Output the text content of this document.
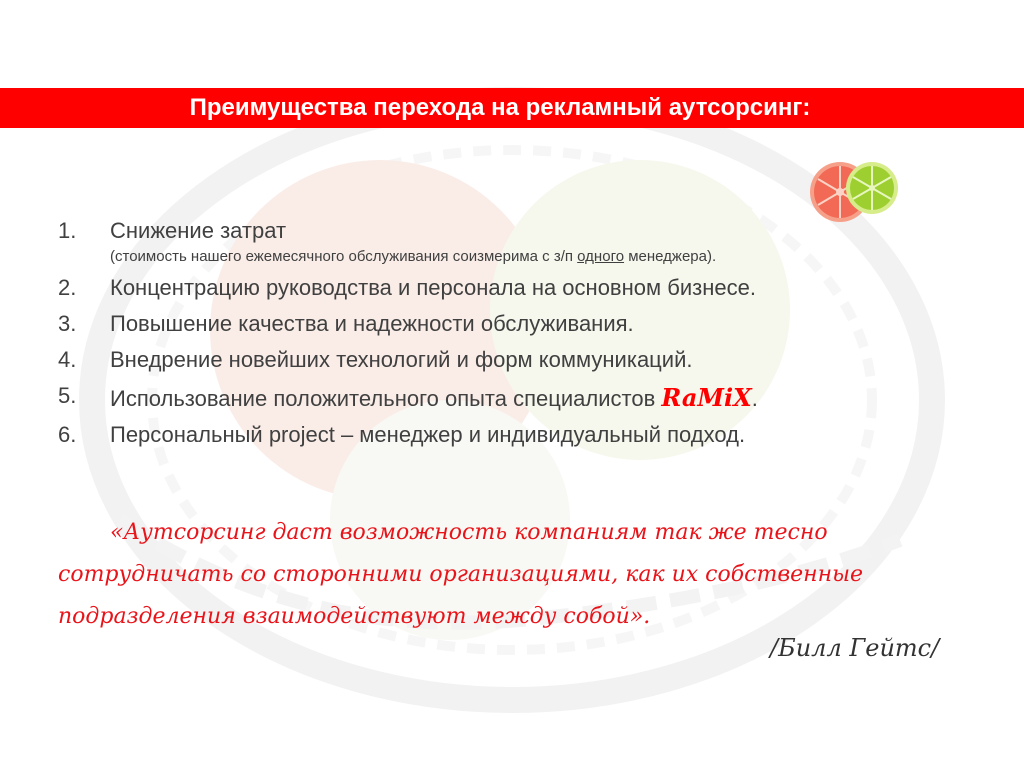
Преимущества перехода на рекламный аутсорсинг:
1. Снижение затрат
(стоимость нашего ежемесячного обслуживания соизмерима с з/п одного менеджера).
2. Концентрацию руководства и персонала на основном бизнесе.
3. Повышение качества и надежности обслуживания.
4. Внедрение новейших технологий и форм коммуникаций.
5. Использование положительного опыта специалистов RaMiX.
6. Персональный project – менеджер и индивидуальный подход.

«Аутсорсинг даст возможность компаниям так же тесно сотрудничать со сторонними организациями, как их собственные подразделения взаимодействуют между собой».

/Билл Гейтс/
